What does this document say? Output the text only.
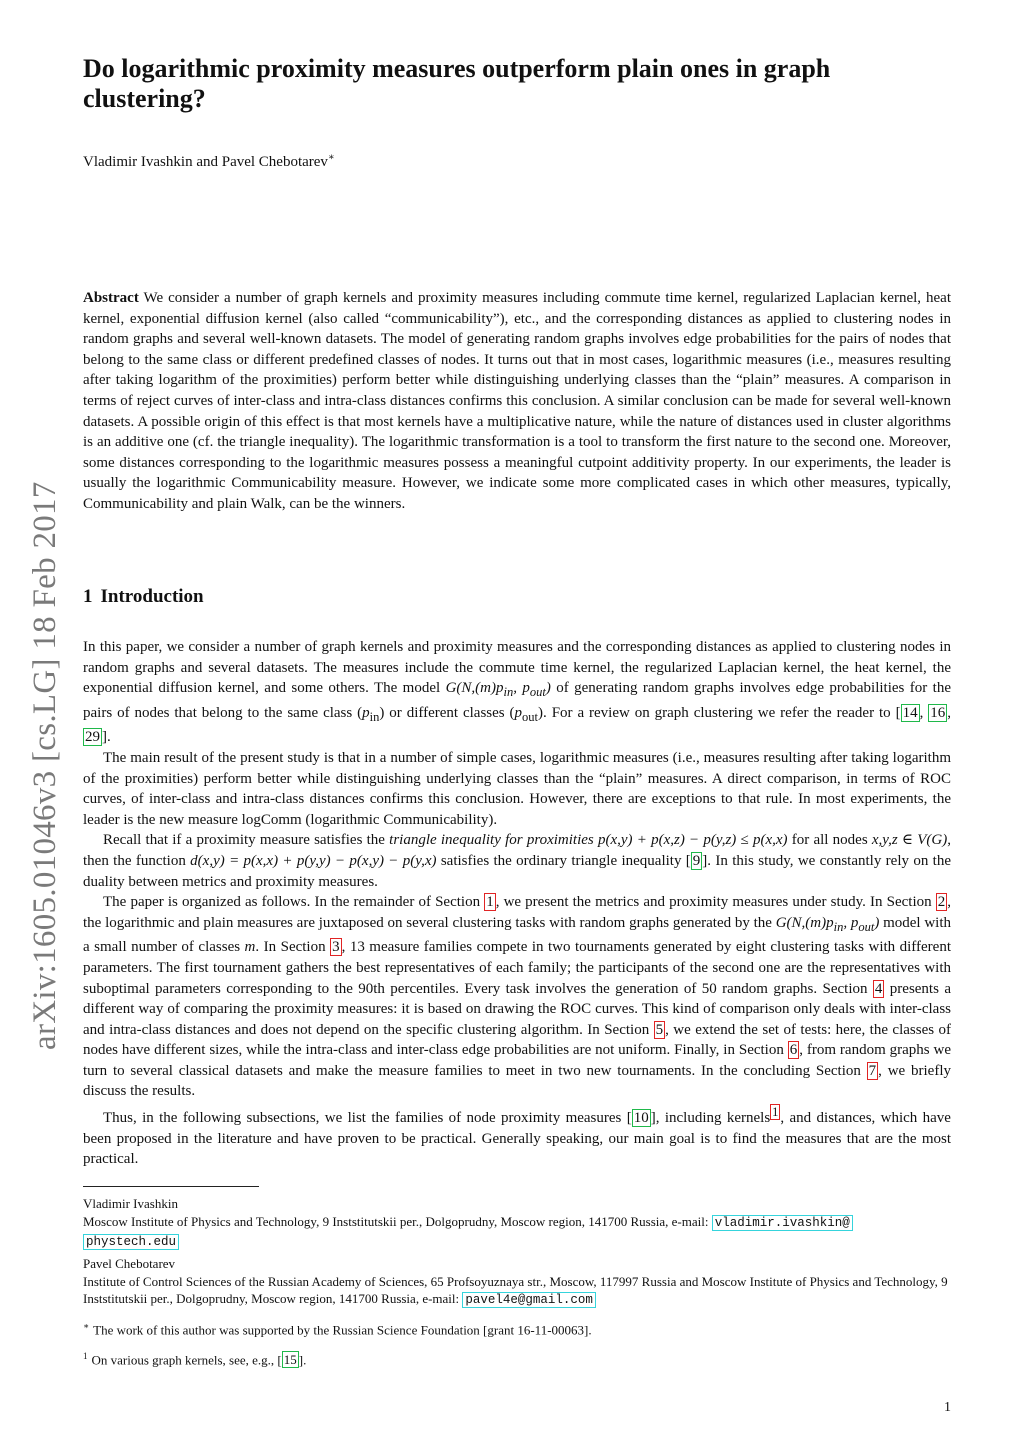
arXiv:1605.01046v3 [cs.LG] 18 Feb 2017
Do logarithmic proximity measures outperform plain ones in graph clustering?
Vladimir Ivashkin and Pavel Chebotarev∗

Abstract We consider a number of graph kernels and proximity measures including commute time kernel, regularized Laplacian kernel, heat kernel, exponential diffusion kernel (also called “communicability”), etc., and the corresponding distances as applied to clustering nodes in random graphs and several well-known datasets. The model of generating random graphs involves edge probabilities for the pairs of nodes that belong to the same class or different predefined classes of nodes. It turns out that in most cases, logarithmic measures (i.e., measures resulting after taking logarithm of the proximities) perform better while distinguishing underlying classes than the “plain” measures. A comparison in terms of reject curves of inter-class and intra-class distances confirms this conclusion. A similar conclusion can be made for several well-known datasets. A possible origin of this effect is that most kernels have a multiplicative nature, while the nature of distances used in cluster algorithms is an additive one (cf. the triangle inequality). The logarithmic transformation is a tool to transform the first nature to the second one. Moreover, some distances corresponding to the logarithmic measures possess a meaningful cutpoint additivity property. In our experiments, the leader is usually the logarithmic Communicability measure. However, we indicate some more complicated cases in which other measures, typically, Communicability and plain Walk, can be the winners.

1 Introduction

In this paper, we consider a number of graph kernels and proximity measures and the corresponding distances as applied to clustering nodes in random graphs and several datasets. The measures include the commute time kernel, the regularized Laplacian kernel, the heat kernel, the exponential diffusion kernel, and some others. The model $G(N,(m)p_{in}$, $p_{out}$) of generating random graphs involves edge probabilities for the pairs of nodes that belong to the same class $(p_{in})$ or different classes $(p_{out})$. For a review on graph clustering we refer the reader to [ 14 , 16 , 29 ].

The main result of the present study is that in a number of simple cases, logarithmic measures (i.e., measures resulting after taking logarithm of the proximities) perform better while distinguishing underlying classes than the “plain” measures. A direct comparison, in terms of ROC curves, of inter-class and intra-class distances confirms this conclusion. However, there are exceptions to that rule. In most experiments, the leader is the new measure logComm (logarithmic Communicability).

Recall that if a proximity measure satisfies the triangle inequality for proximities p(x,y) + p(x,z) − p(y,z) ≤ p(x,x) for all nodes x,y,z ∈ V(G), then the function d(x,y) = p(x,x) + p(y,y) − p(x,y) − p(y,x) satisfies the ordinary triangle inequality [ 9 ]. In this study, we constantly rely on the duality between metrics and proximity measures.

The paper is organized as follows. In the remainder of Section 1 , we present the metrics and proximity measures under study. In Section 2 , the logarithmic and plain measures are juxtaposed on several clustering tasks with random graphs generated by the $G(N,(m)p_{in}$, $p_{out}$) model with a small number of classes m. In Section 3 , 13 measure families compete in two tournaments generated by eight clustering tasks with different parameters. The first tournament gathers the best representatives of each family; the participants of the second one are the representatives with suboptimal parameters corresponding to the 90th percentiles. Every task involves the generation of 50 random graphs. Section 4 presents a different way of comparing the proximity measures: it is based on drawing the ROC curves. This kind of comparison only deals with inter-class and intra-class distances and does not depend on the specific clustering algorithm. In Section 5 , we extend the set of tests: here, the classes of nodes have different sizes, while the intra-class and inter-class edge probabilities are not uniform. Finally, in Section 6 , from random graphs we turn to several classical datasets and make the measure families to meet in two new tournaments. In the concluding Section 7 , we briefly discuss the results.

Thus, in the following subsections, we list the families of node proximity measures [ 10 ], including kernels $^1$ , and distances, which have been proposed in the literature and have proven to be practical. Generally speaking, our main goal is to find the measures that are the most practical.

Vladimir Ivashkin
Moscow Institute of Physics and Technology, 9 Inststitutskii per., Dolgoprudny, Moscow region, 141700 Russia, e-mail: vladimir.ivashkin@
phystech.edu
Pavel Chebotarev
Institute of Control Sciences of the Russian Academy of Sciences, 65 Profsoyuznaya str., Moscow, 117997 Russia and Moscow Institute of Physics and Technology, 9 Inststitutskii per., Dolgoprudny, Moscow region, 141700 Russia, e-mail: pavel4e@gmail.com
∗ The work of this author was supported by the Russian Science Foundation [grant 16-11-00063].
$^1$ On various graph kernels, see, e.g., [ 15 ].
1
